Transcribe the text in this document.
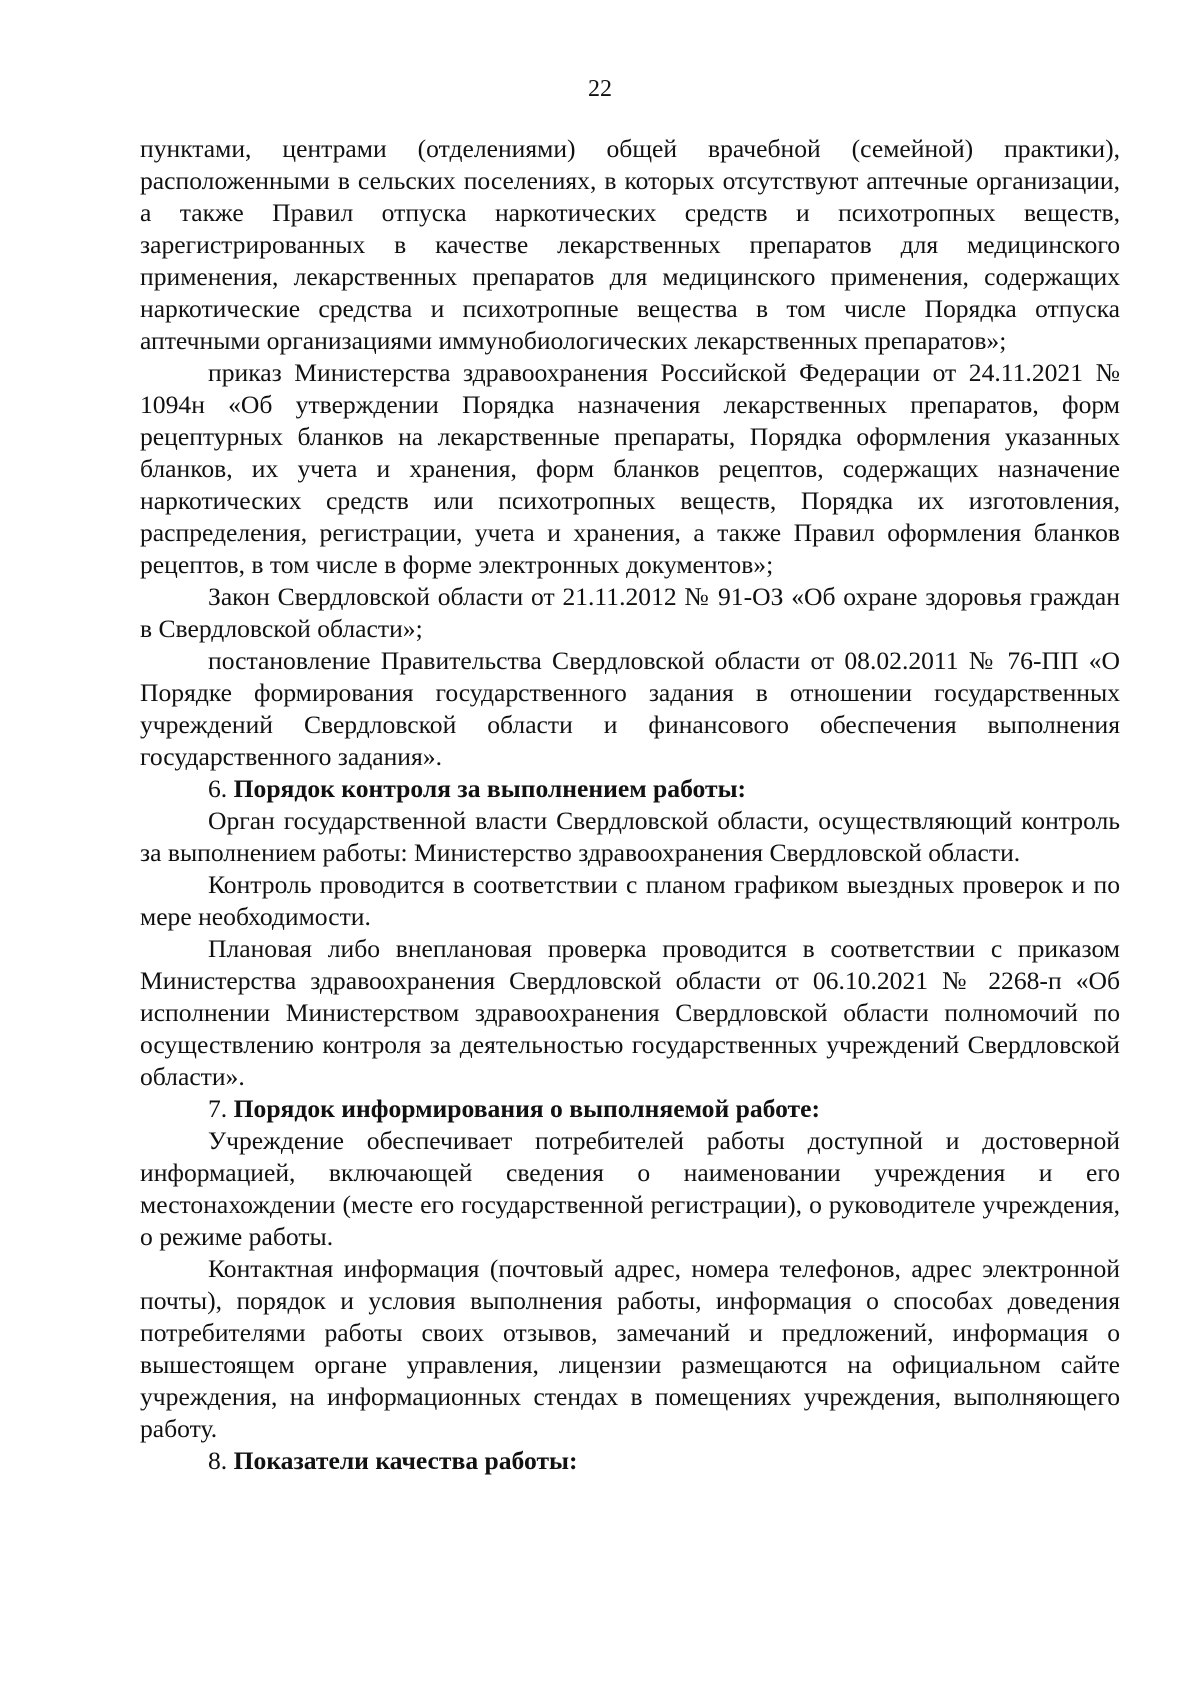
22

пунктами, центрами (отделениями) общей врачебной (семейной) практики), расположенными в сельских поселениях, в которых отсутствуют аптечные организации, а также Правил отпуска наркотических средств и психотропных веществ, зарегистрированных в качестве лекарственных препаратов для медицинского применения, лекарственных препаратов для медицинского применения, содержащих наркотические средства и психотропные вещества в том числе Порядка отпуска аптечными организациями иммунобиологических лекарственных препаратов»;

приказ Министерства здравоохранения Российской Федерации от 24.11.2021 № 1094н «Об утверждении Порядка назначения лекарственных препаратов, форм рецептурных бланков на лекарственные препараты, Порядка оформления указанных бланков, их учета и хранения, форм бланков рецептов, содержащих назначение наркотических средств или психотропных веществ, Порядка их изготовления, распределения, регистрации, учета и хранения, а также Правил оформления бланков рецептов, в том числе в форме электронных документов»;

Закон Свердловской области от 21.11.2012 № 91-ОЗ «Об охране здоровья граждан в Свердловской области»;

постановление Правительства Свердловской области от 08.02.2011 № 76-ПП «О Порядке формирования государственного задания в отношении государственных учреждений Свердловской области и финансового обеспечения выполнения государственного задания».

6. Порядок контроля за выполнением работы:

Орган государственной власти Свердловской области, осуществляющий контроль за выполнением работы: Министерство здравоохранения Свердловской области.

Контроль проводится в соответствии с планом графиком выездных проверок и по мере необходимости.

Плановая либо внеплановая проверка проводится в соответствии с приказом Министерства здравоохранения Свердловской области от 06.10.2021 № 2268-п «Об исполнении Министерством здравоохранения Свердловской области полномочий по осуществлению контроля за деятельностью государственных учреждений Свердловской области».

7. Порядок информирования о выполняемой работе:

Учреждение обеспечивает потребителей работы доступной и достоверной информацией, включающей сведения о наименовании учреждения и его местонахождении (месте его государственной регистрации), о руководителе учреждения, о режиме работы.

Контактная информация (почтовый адрес, номера телефонов, адрес электронной почты), порядок и условия выполнения работы, информация о способах доведения потребителями работы своих отзывов, замечаний и предложений, информация о вышестоящем органе управления, лицензии размещаются на официальном сайте учреждения, на информационных стендах в помещениях учреждения, выполняющего работу.

8. Показатели качества работы:
